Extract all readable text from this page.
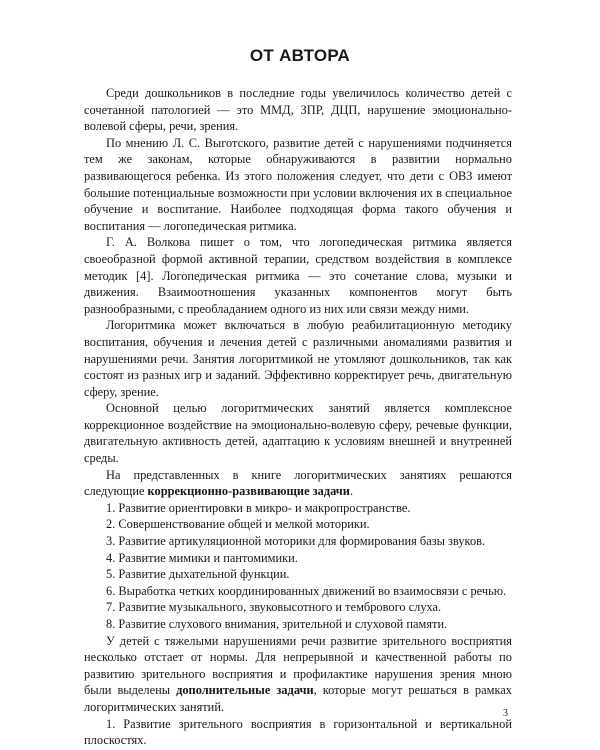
ОТ АВТОРА

Среди дошкольников в последние годы увеличилось количество детей с сочетанной патологией — это ММД, ЗПР, ДЦП, нарушение эмоционально-волевой сферы, речи, зрения.

По мнению Л. С. Выготского, развитие детей с нарушениями подчиняется тем же законам, которые обнаруживаются в развитии нормально развивающегося ребенка. Из этого положения следует, что дети с ОВЗ имеют большие потенциальные возможности при условии включения их в специальное обучение и воспитание. Наиболее подходящая форма такого обучения и воспитания — логопедическая ритмика.

Г. А. Волкова пишет о том, что логопедическая ритмика является своеобразной формой активной терапии, средством воздействия в комплексе методик [4]. Логопедическая ритмика — это сочетание слова, музыки и движения. Взаимоотношения указанных компонентов могут быть разнообразными, с преобладанием одного из них или связи между ними.

Логоритмика может включаться в любую реабилитационную методику воспитания, обучения и лечения детей с различными аномалиями развития и нарушениями речи. Занятия логоритмикой не утомляют дошкольников, так как состоят из разных игр и заданий. Эффективно корректирует речь, двигательную сферу, зрение.

Основной целью логоритмических занятий является комплексное коррекционное воздействие на эмоционально-волевую сферу, речевые функции, двигательную активность детей, адаптацию к условиям внешней и внутренней среды.

На представленных в книге логоритмических занятиях решаются следующие коррекционно-развивающие задачи.

1. Развитие ориентировки в микро- и макропространстве.

2. Совершенствование общей и мелкой моторики.

3. Развитие артикуляционной моторики для формирования базы звуков.

4. Развитие мимики и пантомимики.

5. Развитие дыхательной функции.

6. Выработка четких координированных движений во взаимосвязи с речью.

7. Развитие музыкального, звуковысотного и тембрового слуха.

8. Развитие слухового внимания, зрительной и слуховой памяти.

У детей с тяжелыми нарушениями речи развитие зрительного восприятия несколько отстает от нормы. Для непрерывной и качественной работы по развитию зрительного восприятия и профилактике нарушения зрения мною были выделены дополнительные задачи, которые могут решаться в рамках логоритмических занятий.

1. Развитие зрительного восприятия в горизонтальной и вертикальной плоскостях.

3
